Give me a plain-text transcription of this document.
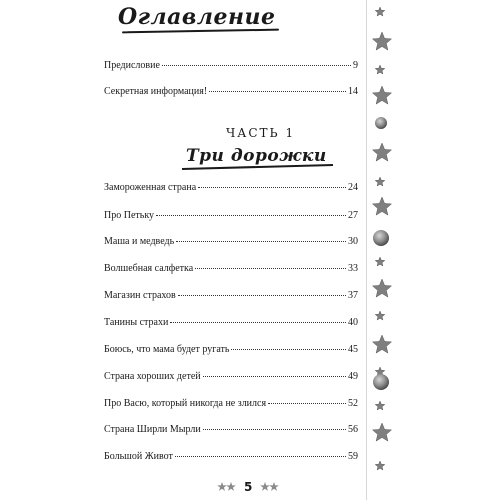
Оглавление
Предисловие	9
Секретная информация!	14
ЧАСТЬ 1
Три дорожки
Замороженная страна	24
Про Петьку	27
Маша и медведь	30
Волшебная салфетка	33
Магазин страхов	37
Танины страхи	40
Боюсь, что мама будет ругать	45
Страна хороших детей	49
Про Васю, который никогда не злился	52
Страна Ширли Мырли	56
Большой Живот	59
5
